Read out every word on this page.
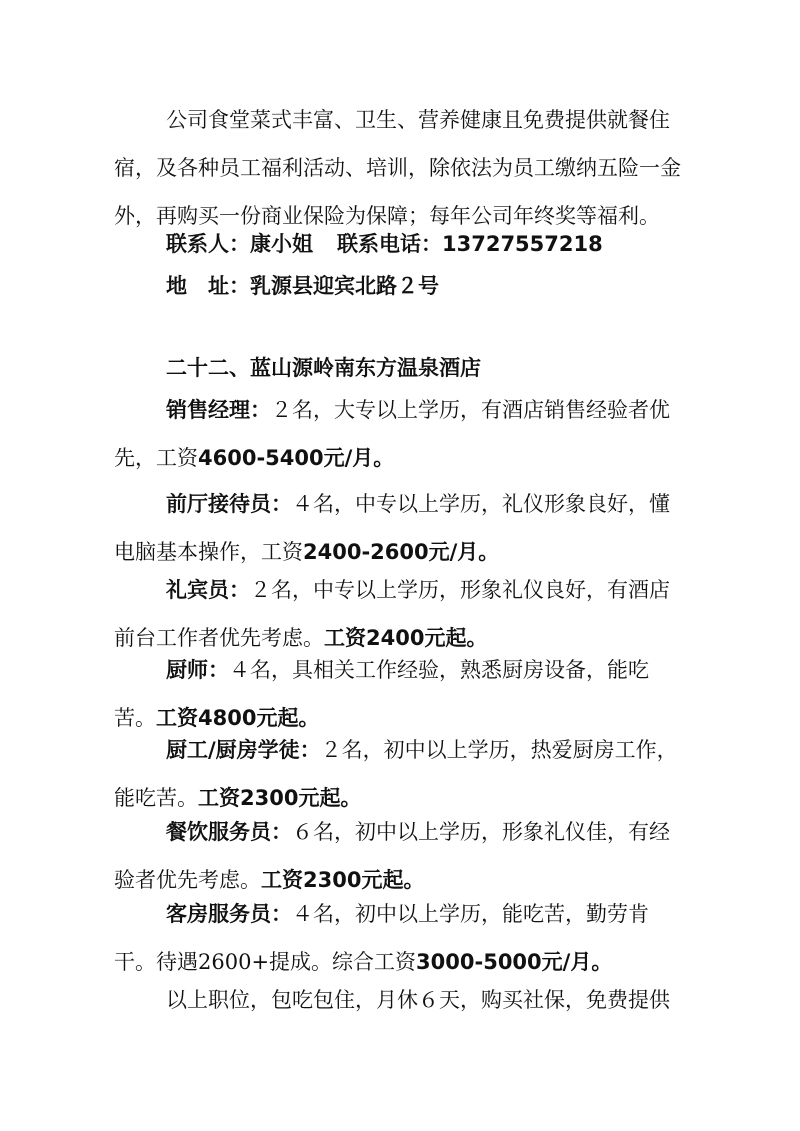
公司食堂菜式丰富、卫生、营养健康且免费提供就餐住宿，及各种员工福利活动、培训，除依法为员工缴纳五险一金外，再购买一份商业保险为保障；每年公司年终奖等福利。
联系人：康小姐 联系电话：13727557218
地　址：乳源县迎宾北路２号
二十二、蓝山源岭南东方温泉酒店
销售经理：２名，大专以上学历，有酒店销售经验者优先，工资4600-5400元/月。
前厅接待员：４名，中专以上学历，礼仪形象良好，懂电脑基本操作，工资2400-2600元/月。
礼宾员：２名，中专以上学历，形象礼仪良好，有酒店前台工作者优先考虑。工资2400元起。
厨师：４名，具相关工作经验，熟悉厨房设备，能吃苦。工资4800元起。
厨工/厨房学徒：２名，初中以上学历，热爱厨房工作，能吃苦。工资2300元起。
餐饮服务员：６名，初中以上学历，形象礼仪佳，有经验者优先考虑。工资2300元起。
客房服务员：４名，初中以上学历，能吃苦，勤劳肯干。待遇2600+提成。综合工资3000-5000元/月。
以上职位，包吃包住，月休６天，购买社保，免费提供
